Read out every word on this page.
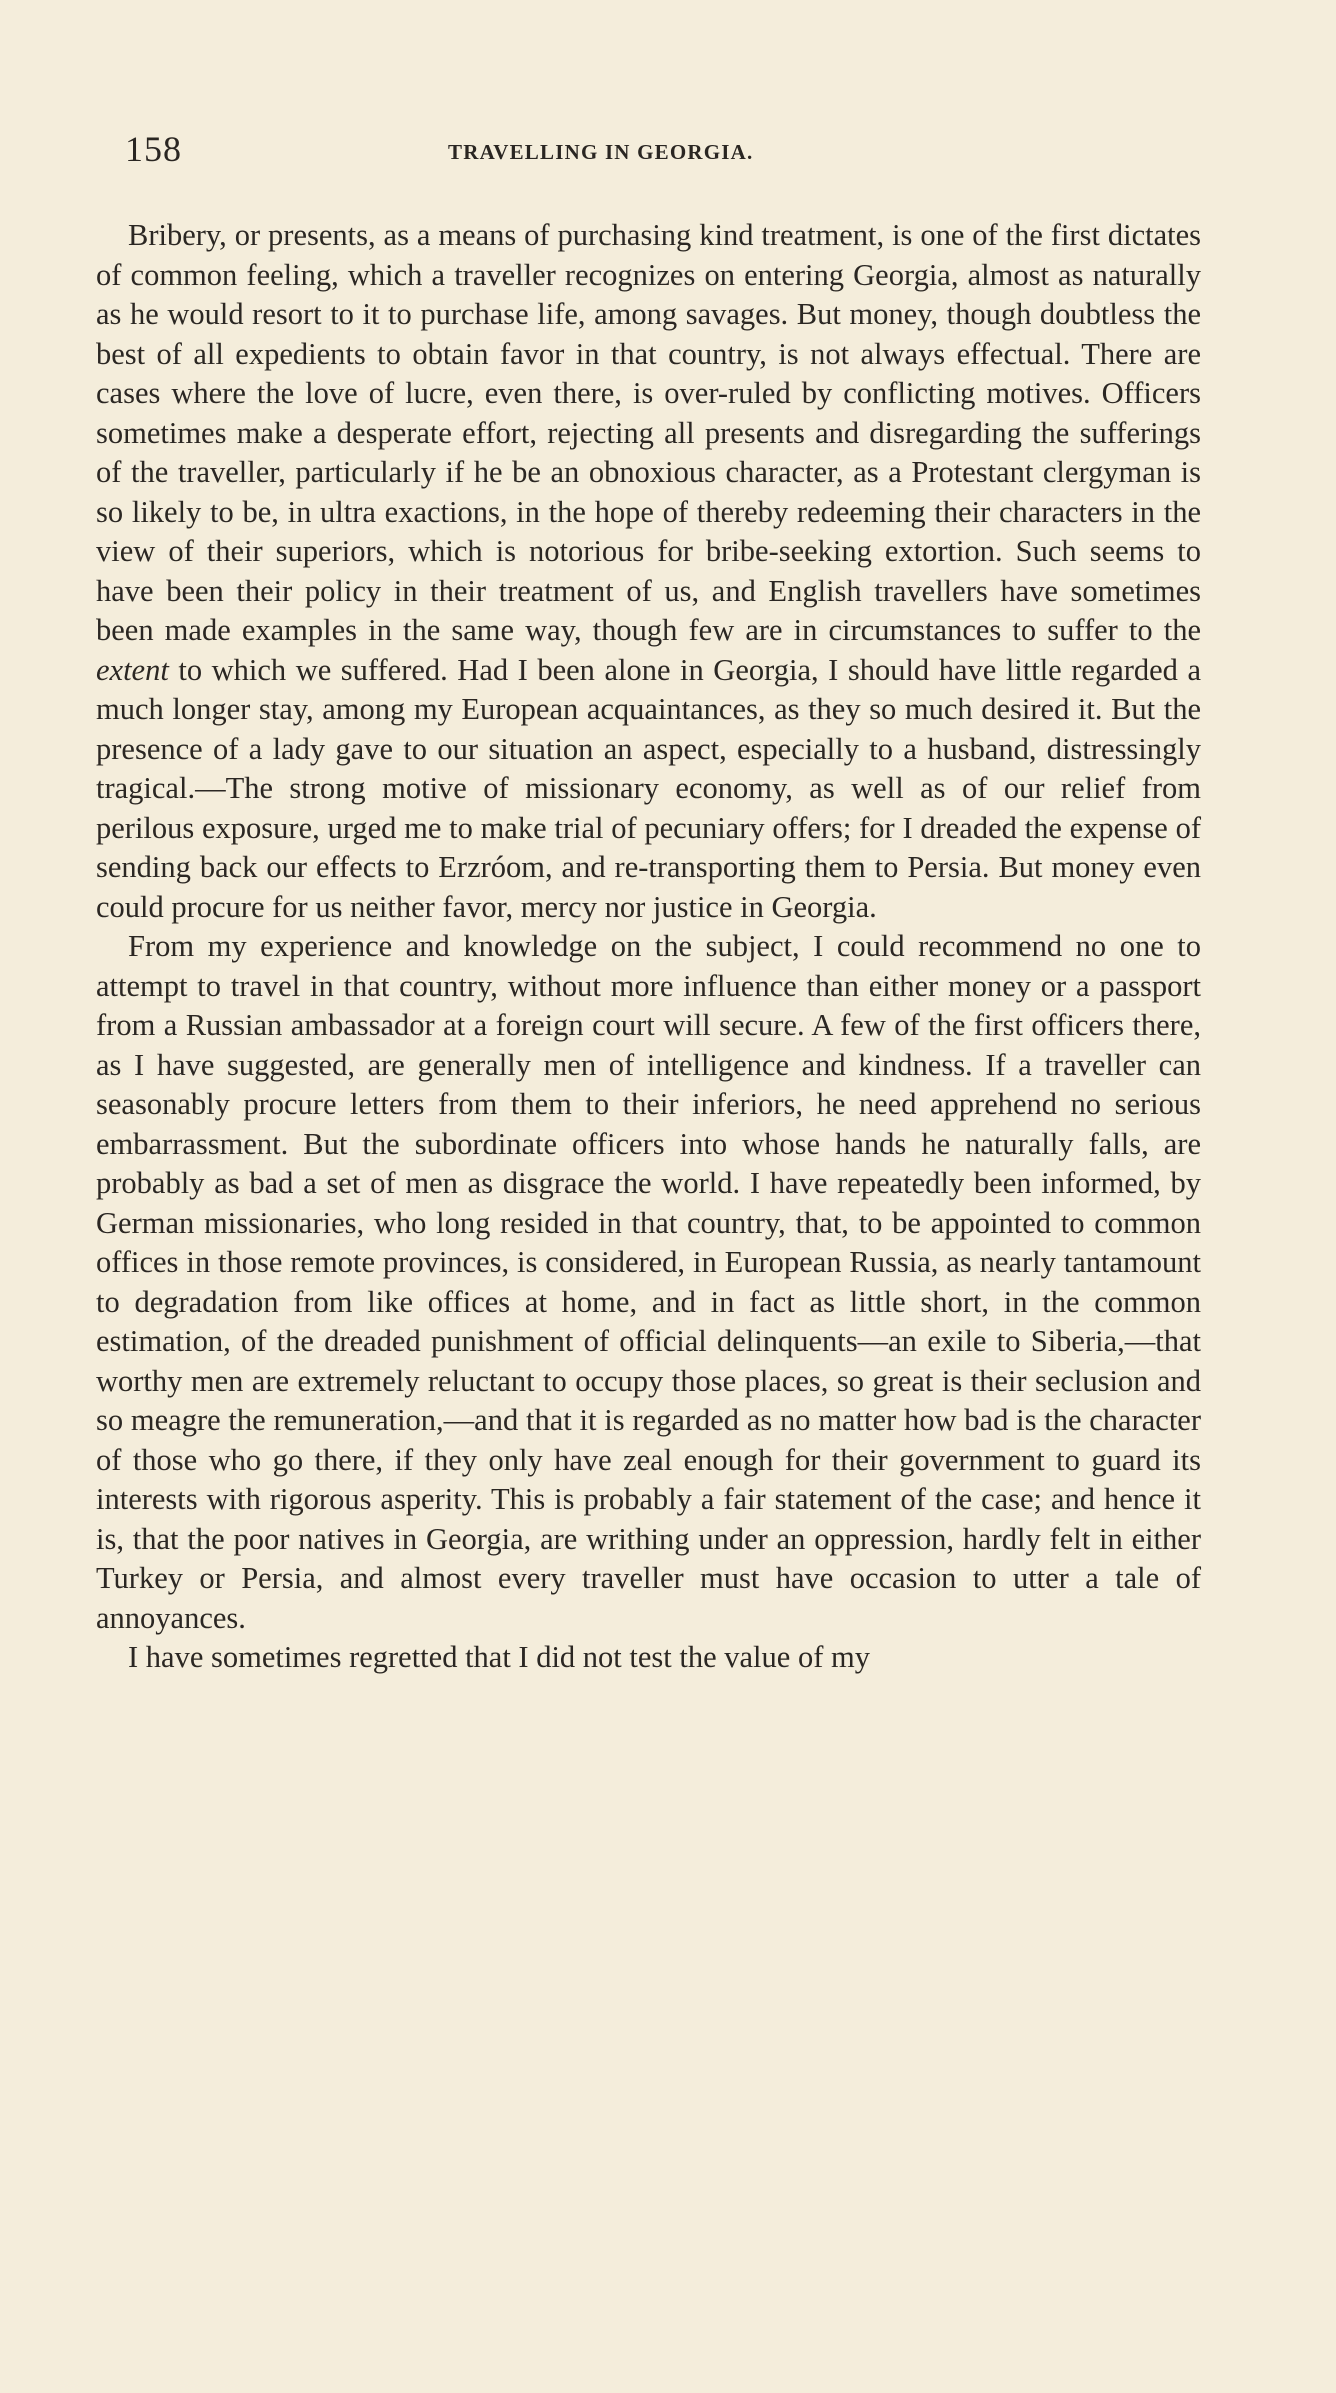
158	TRAVELLING IN GEORGIA.

Bribery, or presents, as a means of purchasing kind treatment, is one of the first dictates of common feeling, which a traveller recognizes on entering Georgia, almost as naturally as he would resort to it to purchase life, among savages. But money, though doubtless the best of all expedients to obtain favor in that country, is not always effectual. There are cases where the love of lucre, even there, is over-ruled by conflicting motives. Officers sometimes make a desperate effort, rejecting all presents and disregarding the sufferings of the traveller, particularly if he be an obnoxious character, as a Protestant clergyman is so likely to be, in ultra exactions, in the hope of thereby redeeming their characters in the view of their superiors, which is notorious for bribe-seeking extortion. Such seems to have been their policy in their treatment of us, and English travellers have sometimes been made examples in the same way, though few are in circumstances to suffer to the extent to which we suffered. Had I been alone in Georgia, I should have little regarded a much longer stay, among my European acquaintances, as they so much desired it. But the presence of a lady gave to our situation an aspect, especially to a husband, distressingly tragical.—The strong motive of missionary economy, as well as of our relief from perilous exposure, urged me to make trial of pecuniary offers; for I dreaded the expense of sending back our effects to Erzróom, and re-transporting them to Persia. But money even could procure for us neither favor, mercy nor justice in Georgia.

From my experience and knowledge on the subject, I could recommend no one to attempt to travel in that country, without more influence than either money or a passport from a Russian ambassador at a foreign court will secure. A few of the first officers there, as I have suggested, are generally men of intelligence and kindness. If a traveller can seasonably procure letters from them to their inferiors, he need apprehend no serious embarrassment. But the subordinate officers into whose hands he naturally falls, are probably as bad a set of men as disgrace the world. I have repeatedly been informed, by German missionaries, who long resided in that country, that, to be appointed to common offices in those remote provinces, is considered, in European Russia, as nearly tantamount to degradation from like offices at home, and in fact as little short, in the common estimation, of the dreaded punishment of official delinquents—an exile to Siberia,—that worthy men are extremely reluctant to occupy those places, so great is their seclusion and so meagre the remuneration,—and that it is regarded as no matter how bad is the character of those who go there, if they only have zeal enough for their government to guard its interests with rigorous asperity. This is probably a fair statement of the case; and hence it is, that the poor natives in Georgia, are writhing under an oppression, hardly felt in either Turkey or Persia, and almost every traveller must have occasion to utter a tale of annoyances.

I have sometimes regretted that I did not test the value of my
